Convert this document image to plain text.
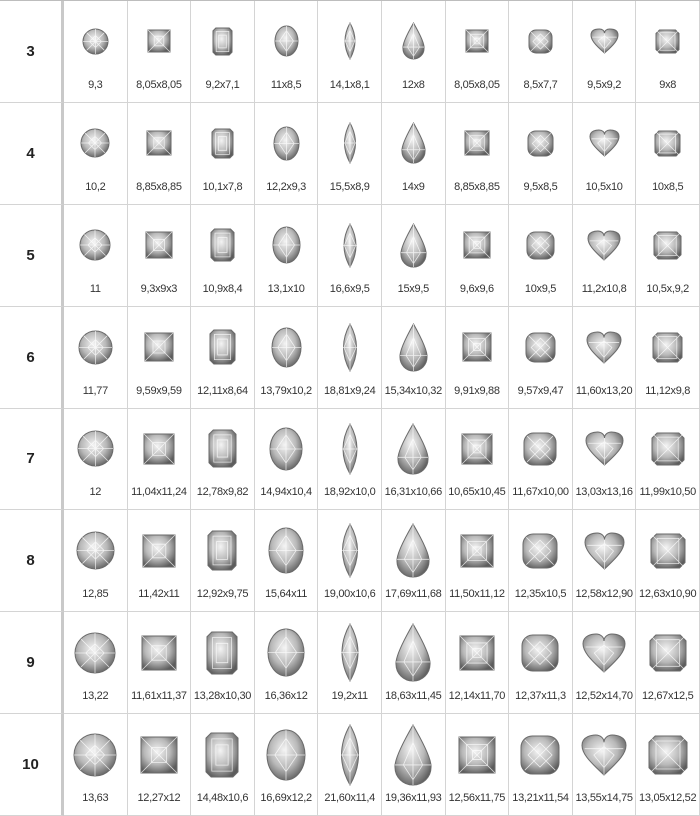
3
9,3	8,05x8,05 9,2x7,1	11x8,5	14,1x8,1	12x8	8,05x8,05 8,5x7,7	9,5x9,2	9x8
4
10,2	8,85x8,85 10,1x7,8 12,2x9,3 15,5x8,9	14x9	8,85x8,85 9,5x8,5	10,5x10	10x8,5
5
11	9,3x9x3 10,9x8,4 13,1x10 16,6x9,5	15x9,5	9,6x9,6	10x9,5 11,2x10,8 10,5x,9,2
6
11,77	9,59x9,59 12,11x8,64 13,79x10,2 18,81x9,24 15,34x10,32 9,91x9,88 9,57x9,47 11,60x13,20 11,12x9,8
7
12	11,04x11,24 12,78x9,82 14,94x10,4 18,92x10,0 16,31x10,66 10,65x10,45 11,67x10,00 13,03x13,16 11,99x10,50
8
12,85	11,42x11 12,92x9,75 15,64x11 19,00x10,6 17,69x11,68 11,50x11,12 12,35x10,5 12,58x12,90 12,63x10,90
9
13,22 11,61x11,37 13,28x10,30 16,36x12 19,2x11 18,63x11,45 12,14x11,70 12,37x11,3 12,52x14,70 12,67x12,5
10
13,63	12,27x12 14,48x10,6 16,69x12,2 21,60x11,4 19,36x11,93 12,56x11,75 13,21x11,54 13,55x14,75 13,05x12,52
